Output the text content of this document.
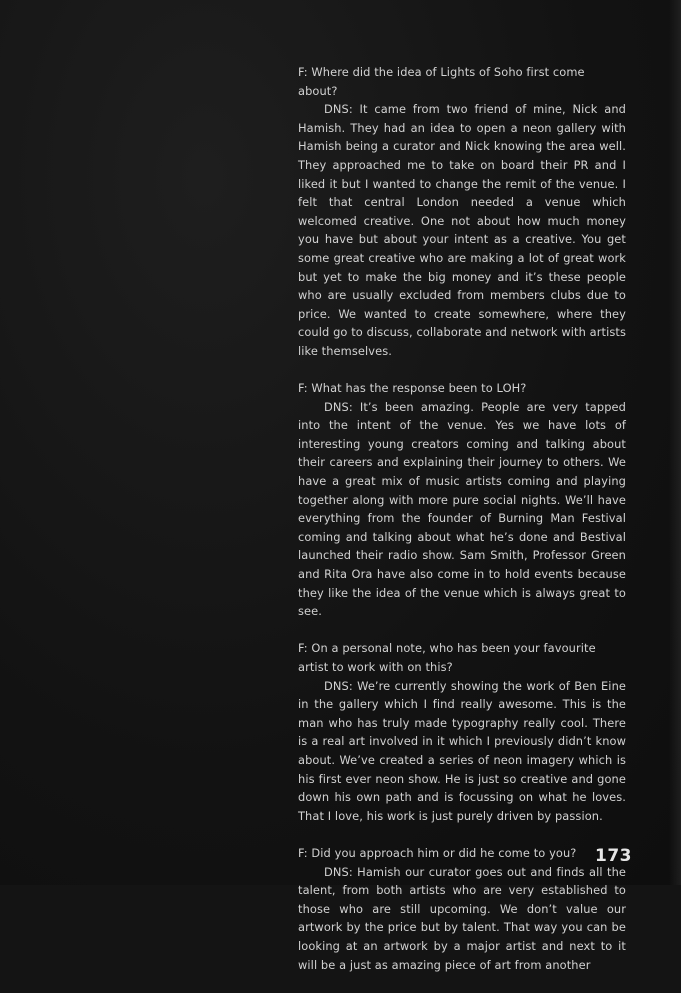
F: Where did the idea of Lights of Soho first come about?

DNS: It came from two friend of mine, Nick and Hamish. They had an idea to open a neon gallery with Hamish being a curator and Nick knowing the area well. They approached me to take on board their PR and I liked it but I wanted to change the remit of the venue. I felt that central London needed a venue which welcomed creative. One not about how much money you have but about your intent as a creative. You get some great creative who are making a lot of great work but yet to make the big money and it’s these people who are usually excluded from members clubs due to price. We wanted to create somewhere, where they could go to discuss, collaborate and network with artists like themselves.

F: What has the response been to LOH?

DNS: It’s been amazing. People are very tapped into the intent of the venue. Yes we have lots of interesting young creators coming and talking about their careers and explaining their journey to others. We have a great mix of music artists coming and playing together along with more pure social nights. We’ll have everything from the founder of Burning Man Festival coming and talking about what he’s done and Bestival launched their radio show. Sam Smith, Professor Green and Rita Ora have also come in to hold events because they like the idea of the venue which is always great to see.

F: On a personal note, who has been your favourite artist to work with on this?

DNS: We’re currently showing the work of Ben Eine in the gallery which I find really awesome. This is the man who has truly made typography really cool. There is a real art involved in it which I previously didn’t know about. We’ve created a series of neon imagery which is his first ever neon show. He is just so creative and gone down his own path and is focussing on what he loves. That I love, his work is just purely driven by passion.

F: Did you approach him or did he come to you?

DNS: Hamish our curator goes out and finds all the talent, from both artists who are very established to those who are still upcoming. We don’t value our artwork by the price but by talent. That way you can be looking at an artwork by a major artist and next to it will be a just as amazing piece of art from another

173
